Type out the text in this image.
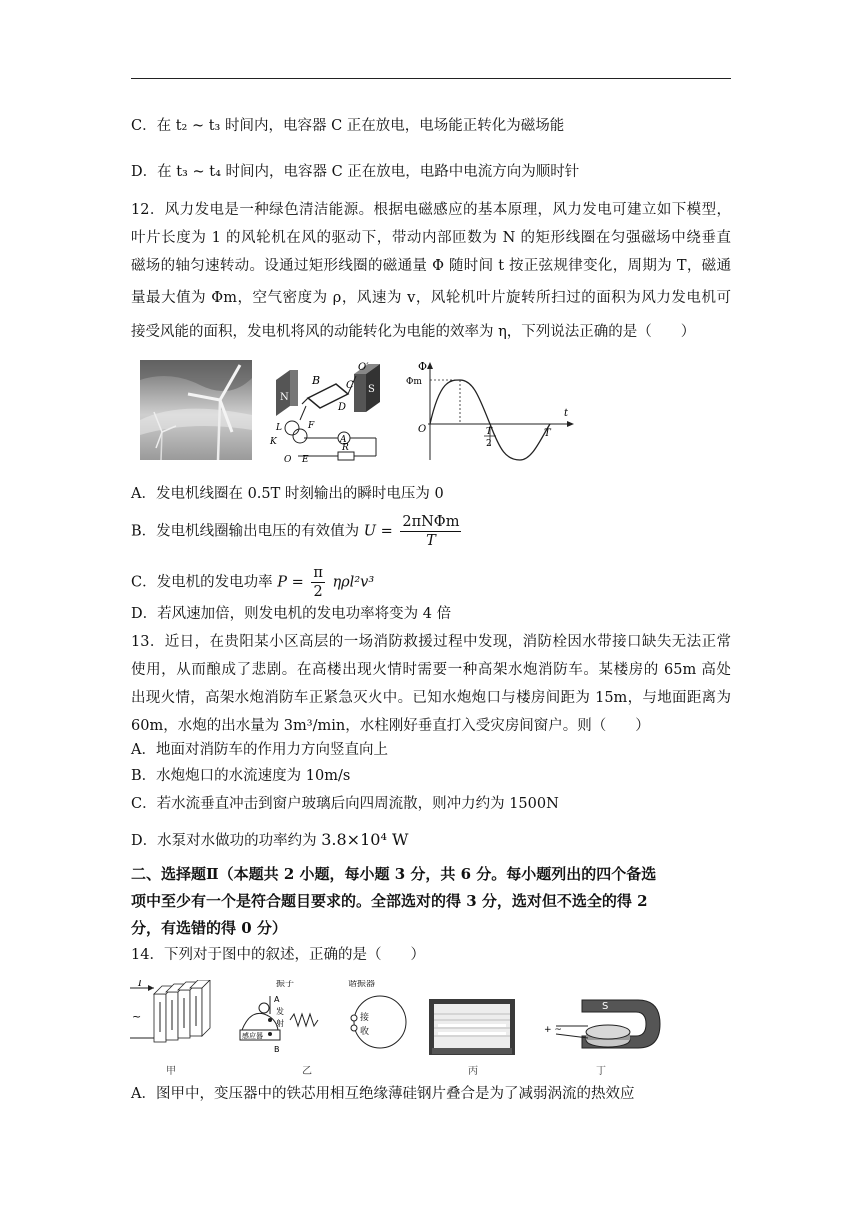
C．在 t₂ ~ t₃ 时间内，电容器 C 正在放电，电场能正转化为磁场能
D．在 t₃ ~ t₄ 时间内，电容器 C 正在放电，电路中电流方向为顺时针
12．风力发电是一种绿色清洁能源。根据电磁感应的基本原理，风力发电可建立如下模型，
叶片长度为 1 的风轮机在风的驱动下，带动内部匝数为 N 的矩形线圈在匀强磁场中绕垂直
磁场的轴匀速转动。设通过矩形线圈的磁通量 Φ 随时间 t 按正弦规律变化，周期为 T，磁通
量最大值为 Φm，空气密度为 ρ，风速为 v，风轮机叶片旋转所扫过的面积为风力发电机可
接受风能的面积，发电机将风的动能转化为电能的效率为 η，下列说法正确的是（　　）
B
O′
N
S
D
C
L
K
F
A
O E
R
Φ
Φm
O
t
T
2
T
A．发电机线圈在 0.5T 时刻输出的瞬时电压为 0
B．发电机线圈输出电压的有效值为 $U = \frac{\text{2πNΦm}}{T}$
C．发电机的发电功率 $P = \frac{\pi}{2} \eta\rho l^2v^3$
D．若风速加倍，则发电机的发电功率将变为 4 倍
13．近日，在贵阳某小区高层的一场消防救援过程中发现，消防栓因水带接口缺失无法正常
使用，从而酿成了悲剧。在高楼出现火情时需要一种高架水炮消防车。某楼房的 65m 高处
出现火情，高架水炮消防车正紧急灭火中。已知水炮炮口与楼房间距为 15m，与地面距离为
60m，水炮的出水量为 3m³/min，水柱刚好垂直打入受灾房间窗户。则（　　）
A．地面对消防车的作用力方向竖直向上
B．水炮炮口的水流速度为 10m/s
C．若水流垂直冲击到窗户玻璃后向四周流散，则冲力约为 1500N
D．水泵对水做功的功率约为 3.8×10⁴ W
二、选择题Ⅱ（本题共 2 小题，每小题 3 分，共 6 分。每小题列出的四个备选
项中至少有一个是符合题目要求的。全部选对的得 3 分，选对但不选全的得 2
分，有选错的得 0 分）
14．下列对于图中的叙述，正确的是（　　）
I
~
甲
振子	谐振器
A
B
发
射
接
收
感应器
乙	丙
S
+ ~
丁
A．图甲中，变压器中的铁芯用相互绝缘薄硅钢片叠合是为了减弱涡流的热效应
